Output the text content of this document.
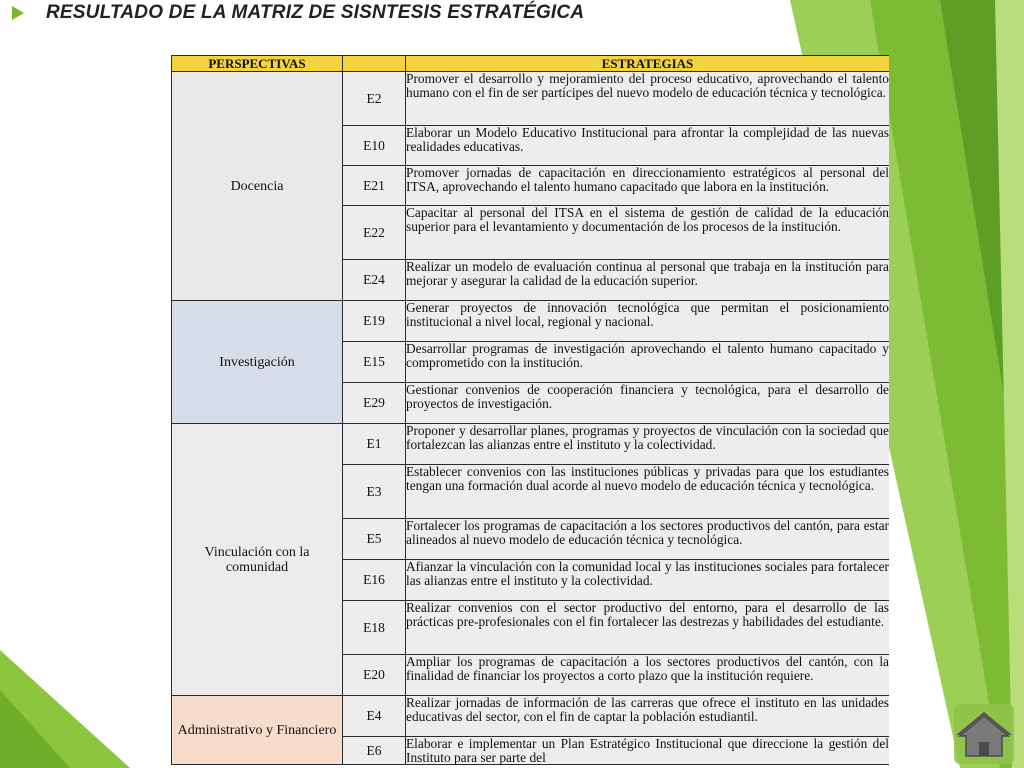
RESULTADO DE LA MATRIZ DE SISNTESIS ESTRATÉGICA
PERSPECTIVAS		ESTRATEGIAS
Docencia	E2	Promover el desarrollo y mejoramiento del proceso educativo, aprovechando el talento humano con el fin de ser partícipes del nuevo modelo de educación técnica y tecnológica.
	E10	Elaborar un Modelo Educativo Institucional para afrontar la complejidad de las nuevas realidades educativas.
	E21	Promover jornadas de capacitación en direccionamiento estratégicos al personal del ITSA, aprovechando el talento humano capacitado que labora en la institución.
	E22	Capacitar al personal del ITSA en el sistema de gestión de calidad de la educación superior para el levantamiento y documentación de los procesos de la institución.
	E24	Realizar un modelo de evaluación continua al personal que trabaja en la institución para mejorar y asegurar la calidad de la educación superior.
Investigación	E19	Generar proyectos de innovación tecnológica que permitan el posicionamiento institucional a nivel local, regional y nacional.
	E15	Desarrollar programas de investigación aprovechando el talento humano capacitado y comprometido con la institución.
	E29	Gestionar convenios de cooperación financiera y tecnológica, para el desarrollo de proyectos de investigación.
Vinculación con la comunidad	E1	Proponer y desarrollar planes, programas y proyectos de vinculación con la sociedad que fortalezcan las alianzas entre el instituto y la colectividad.
	E3	Establecer convenios con las instituciones públicas y privadas para que los estudiantes tengan una formación dual acorde al nuevo modelo de educación técnica y tecnológica.
	E5	Fortalecer los programas de capacitación a los sectores productivos del cantón, para estar alineados al nuevo modelo de educación técnica y tecnológica.
	E16	Afianzar la vinculación con la comunidad local y las instituciones sociales para fortalecer las alianzas entre el instituto y la colectividad.
	E18	Realizar convenios con el sector productivo del entorno, para el desarrollo de las prácticas pre-profesionales con el fin fortalecer las destrezas y habilidades del estudiante.
	E20	Ampliar los programas de capacitación a los sectores productivos del cantón, con la finalidad de financiar los proyectos a corto plazo que la institución requiere.
Administrativo y Financiero	E4	Realizar jornadas de información de las carreras que ofrece el instituto en las unidades educativas del sector, con el fin de captar la población estudiantil.
	E6	Elaborar e implementar un Plan Estratégico Institucional que direccione la gestión del Instituto para ser parte del
